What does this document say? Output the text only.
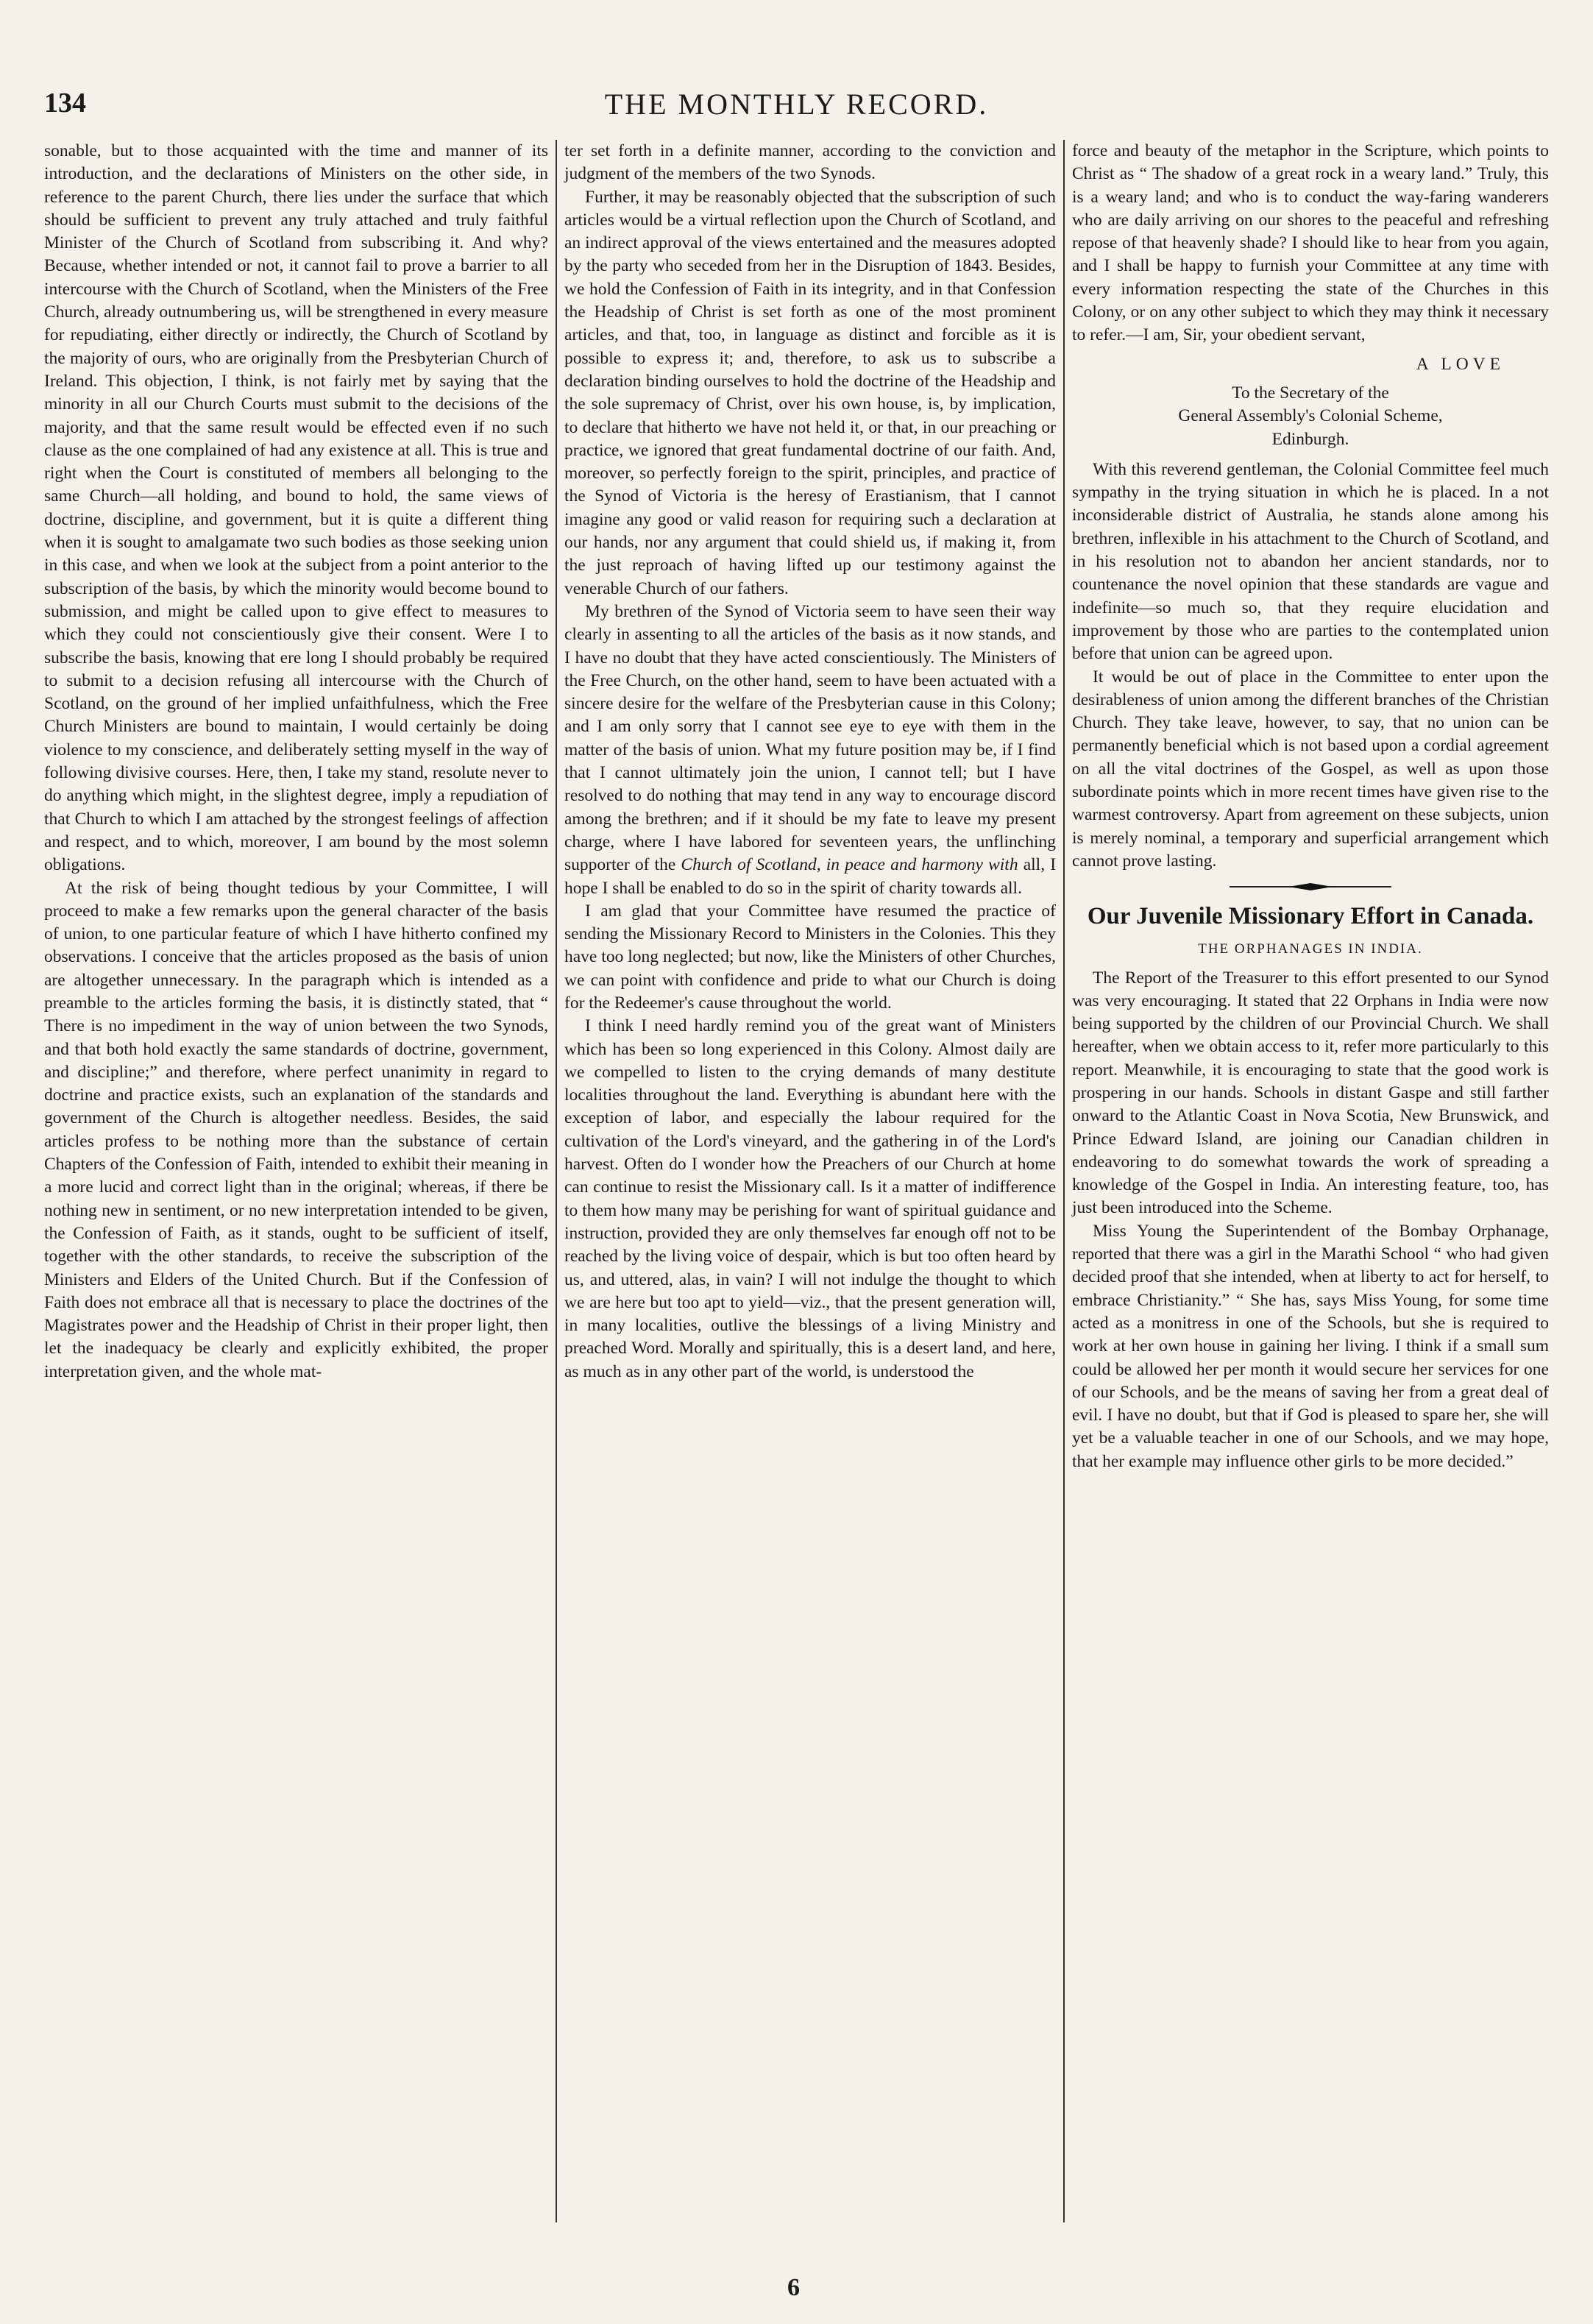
134	THE MONTHLY RECORD.

sonable, but to those acquainted with the time and manner of its introduction, and the declarations of Ministers on the other side, in reference to the parent Church, there lies under the surface that which should be sufficient to prevent any truly attached and truly faithful Minister of the Church of Scotland from subscribing it. And why? Because, whether intended or not, it cannot fail to prove a barrier to all intercourse with the Church of Scotland, when the Ministers of the Free Church, already outnumbering us, will be strengthened in every measure for repudiating, either directly or indirectly, the Church of Scotland by the majority of ours, who are originally from the Presbyterian Church of Ireland. This objection, I think, is not fairly met by saying that the minority in all our Church Courts must submit to the decisions of the majority, and that the same result would be effected even if no such clause as the one complained of had any existence at all. This is true and right when the Court is constituted of members all belonging to the same Church—all holding, and bound to hold, the same views of doctrine, discipline, and government, but it is quite a different thing when it is sought to amalgamate two such bodies as those seeking union in this case, and when we look at the subject from a point anterior to the subscription of the basis, by which the minority would become bound to submission, and might be called upon to give effect to measures to which they could not conscientiously give their consent. Were I to subscribe the basis, knowing that ere long I should probably be required to submit to a decision refusing all intercourse with the Church of Scotland, on the ground of her implied unfaithfulness, which the Free Church Ministers are bound to maintain, I would certainly be doing violence to my conscience, and deliberately setting myself in the way of following divisive courses. Here, then, I take my stand, resolute never to do anything which might, in the slightest degree, imply a repudiation of that Church to which I am attached by the strongest feelings of affection and respect, and to which, moreover, I am bound by the most solemn obligations.

At the risk of being thought tedious by your Committee, I will proceed to make a few remarks upon the general character of the basis of union, to one particular feature of which I have hitherto confined my observations. I conceive that the articles proposed as the basis of union are altogether unnecessary. In the paragraph which is intended as a preamble to the articles forming the basis, it is distinctly stated, that “ There is no impediment in the way of union between the two Synods, and that both hold exactly the same standards of doctrine, government, and discipline;” and therefore, where perfect unanimity in regard to doctrine and practice exists, such an explanation of the standards and government of the Church is altogether needless. Besides, the said articles profess to be nothing more than the substance of certain Chapters of the Confession of Faith, intended to exhibit their meaning in a more lucid and correct light than in the original; whereas, if there be nothing new in sentiment, or no new interpretation intended to be given, the Confession of Faith, as it stands, ought to be sufficient of itself, together with the other standards, to receive the subscription of the Ministers and Elders of the United Church. But if the Confession of Faith does not embrace all that is necessary to place the doctrines of the Magistrates power and the Headship of Christ in their proper light, then let the inadequacy be clearly and explicitly exhibited, the proper interpretation given, and the whole mat-

ter set forth in a definite manner, according to the conviction and judgment of the members of the two Synods.

Further, it may be reasonably objected that the subscription of such articles would be a virtual reflection upon the Church of Scotland, and an indirect approval of the views entertained and the measures adopted by the party who seceded from her in the Disruption of 1843. Besides, we hold the Confession of Faith in its integrity, and in that Confession the Headship of Christ is set forth as one of the most prominent articles, and that, too, in language as distinct and forcible as it is possible to express it; and, therefore, to ask us to subscribe a declaration binding ourselves to hold the doctrine of the Headship and the sole supremacy of Christ, over his own house, is, by implication, to declare that hitherto we have not held it, or that, in our preaching or practice, we ignored that great fundamental doctrine of our faith. And, moreover, so perfectly foreign to the spirit, principles, and practice of the Synod of Victoria is the heresy of Erastianism, that I cannot imagine any good or valid reason for requiring such a declaration at our hands, nor any argument that could shield us, if making it, from the just reproach of having lifted up our testimony against the venerable Church of our fathers.

My brethren of the Synod of Victoria seem to have seen their way clearly in assenting to all the articles of the basis as it now stands, and I have no doubt that they have acted conscientiously. The Ministers of the Free Church, on the other hand, seem to have been actuated with a sincere desire for the welfare of the Presbyterian cause in this Colony; and I am only sorry that I cannot see eye to eye with them in the matter of the basis of union. What my future position may be, if I find that I cannot ultimately join the union, I cannot tell; but I have resolved to do nothing that may tend in any way to encourage discord among the brethren; and if it should be my fate to leave my present charge, where I have labored for seventeen years, the unflinching supporter of the Church of Scotland, in peace and harmony with all, I hope I shall be enabled to do so in the spirit of charity towards all.

I am glad that your Committee have resumed the practice of sending the Missionary Record to Ministers in the Colonies. This they have too long neglected; but now, like the Ministers of other Churches, we can point with confidence and pride to what our Church is doing for the Redeemer's cause throughout the world.

I think I need hardly remind you of the great want of Ministers which has been so long experienced in this Colony. Almost daily are we compelled to listen to the crying demands of many destitute localities throughout the land. Everything is abundant here with the exception of labor, and especially the labour required for the cultivation of the Lord's vineyard, and the gathering in of the Lord's harvest. Often do I wonder how the Preachers of our Church at home can continue to resist the Missionary call. Is it a matter of indifference to them how many may be perishing for want of spiritual guidance and instruction, provided they are only themselves far enough off not to be reached by the living voice of despair, which is but too often heard by us, and uttered, alas, in vain? I will not indulge the thought to which we are here but too apt to yield—viz., that the present generation will, in many localities, outlive the blessings of a living Ministry and preached Word. Morally and spiritually, this is a desert land, and here, as much as in any other part of the world, is understood the

force and beauty of the metaphor in the Scripture, which points to Christ as “ The shadow of a great rock in a weary land.” Truly, this is a weary land; and who is to conduct the way-faring wanderers who are daily arriving on our shores to the peaceful and refreshing repose of that heavenly shade? I should like to hear from you again, and I shall be happy to furnish your Committee at any time with every information respecting the state of the Churches in this Colony, or on any other subject to which they may think it necessary to refer.—I am, Sir, your obedient servant,

A LOVE

To the Secretary of the

General Assembly's Colonial Scheme,

Edinburgh.

With this reverend gentleman, the Colonial Committee feel much sympathy in the trying situation in which he is placed. In a not inconsiderable district of Australia, he stands alone among his brethren, inflexible in his attachment to the Church of Scotland, and in his resolution not to abandon her ancient standards, nor to countenance the novel opinion that these standards are vague and indefinite—so much so, that they require elucidation and improvement by those who are parties to the contemplated union before that union can be agreed upon.

It would be out of place in the Committee to enter upon the desirableness of union among the different branches of the Christian Church. They take leave, however, to say, that no union can be permanently beneficial which is not based upon a cordial agreement on all the vital doctrines of the Gospel, as well as upon those subordinate points which in more recent times have given rise to the warmest controversy. Apart from agreement on these subjects, union is merely nominal, a temporary and superficial arrangement which cannot prove lasting.

Our Juvenile Missionary Effort in Canada.
THE ORPHANAGES IN INDIA.

The Report of the Treasurer to this effort presented to our Synod was very encouraging. It stated that 22 Orphans in India were now being supported by the children of our Provincial Church. We shall hereafter, when we obtain access to it, refer more particularly to this report. Meanwhile, it is encouraging to state that the good work is prospering in our hands. Schools in distant Gaspe and still farther onward to the Atlantic Coast in Nova Scotia, New Brunswick, and Prince Edward Island, are joining our Canadian children in endeavoring to do somewhat towards the work of spreading a knowledge of the Gospel in India. An interesting feature, too, has just been introduced into the Scheme.

Miss Young the Superintendent of the Bombay Orphanage, reported that there was a girl in the Marathi School “ who had given decided proof that she intended, when at liberty to act for herself, to embrace Christianity.” “ She has, says Miss Young, for some time acted as a monitress in one of the Schools, but she is required to work at her own house in gaining her living. I think if a small sum could be allowed her per month it would secure her services for one of our Schools, and be the means of saving her from a great deal of evil. I have no doubt, but that if God is pleased to spare her, she will yet be a valuable teacher in one of our Schools, and we may hope, that her example may influence other girls to be more decided.”

6
